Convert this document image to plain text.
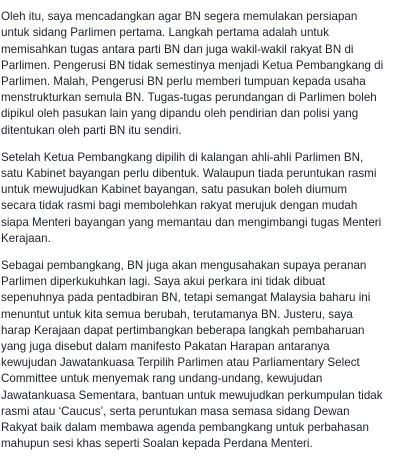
Oleh itu, saya mencadangkan agar BN segera memulakan persiapan
untuk sidang Parlimen pertama. Langkah pertama adalah untuk
memisahkan tugas antara parti BN dan juga wakil-wakil rakyat BN di
Parlimen. Pengerusi BN tidak semestinya menjadi Ketua Pembangkang di
Parlimen. Malah, Pengerusi BN perlu memberi tumpuan kepada usaha
menstrukturkan semula BN. Tugas-tugas perundangan di Parlimen boleh
dipikul oleh pasukan lain yang dipandu oleh pendirian dan polisi yang
ditentukan oleh parti BN itu sendiri.

Setelah Ketua Pembangkang dipilih di kalangan ahli-ahli Parlimen BN,
satu Kabinet bayangan perlu dibentuk. Walaupun tiada peruntukan rasmi
untuk mewujudkan Kabinet bayangan, satu pasukan boleh diumum
secara tidak rasmi bagi membolehkan rakyat merujuk dengan mudah
siapa Menteri bayangan yang memantau dan mengimbangi tugas Menteri
Kerajaan.

Sebagai pembangkang, BN juga akan mengusahakan supaya peranan
Parlimen diperkukuhkan lagi. Saya akui perkara ini tidak dibuat
sepenuhnya pada pentadbiran BN, tetapi semangat Malaysia baharu ini
menuntut untuk kita semua berubah, terutamanya BN. Justeru, saya
harap Kerajaan dapat pertimbangkan beberapa langkah pembaharuan
yang juga disebut dalam manifesto Pakatan Harapan antaranya
kewujudan Jawatankuasa Terpilih Parlimen atau Parliamentary Select
Committee untuk menyemak rang undang-undang, kewujudan
Jawatankuasa Sementara, bantuan untuk mewujudkan perkumpulan tidak
rasmi atau ‘Caucus’, serta peruntukan masa semasa sidang Dewan
Rakyat baik dalam membawa agenda pembangkang untuk perbahasan
mahupun sesi khas seperti Soalan kepada Perdana Menteri.
